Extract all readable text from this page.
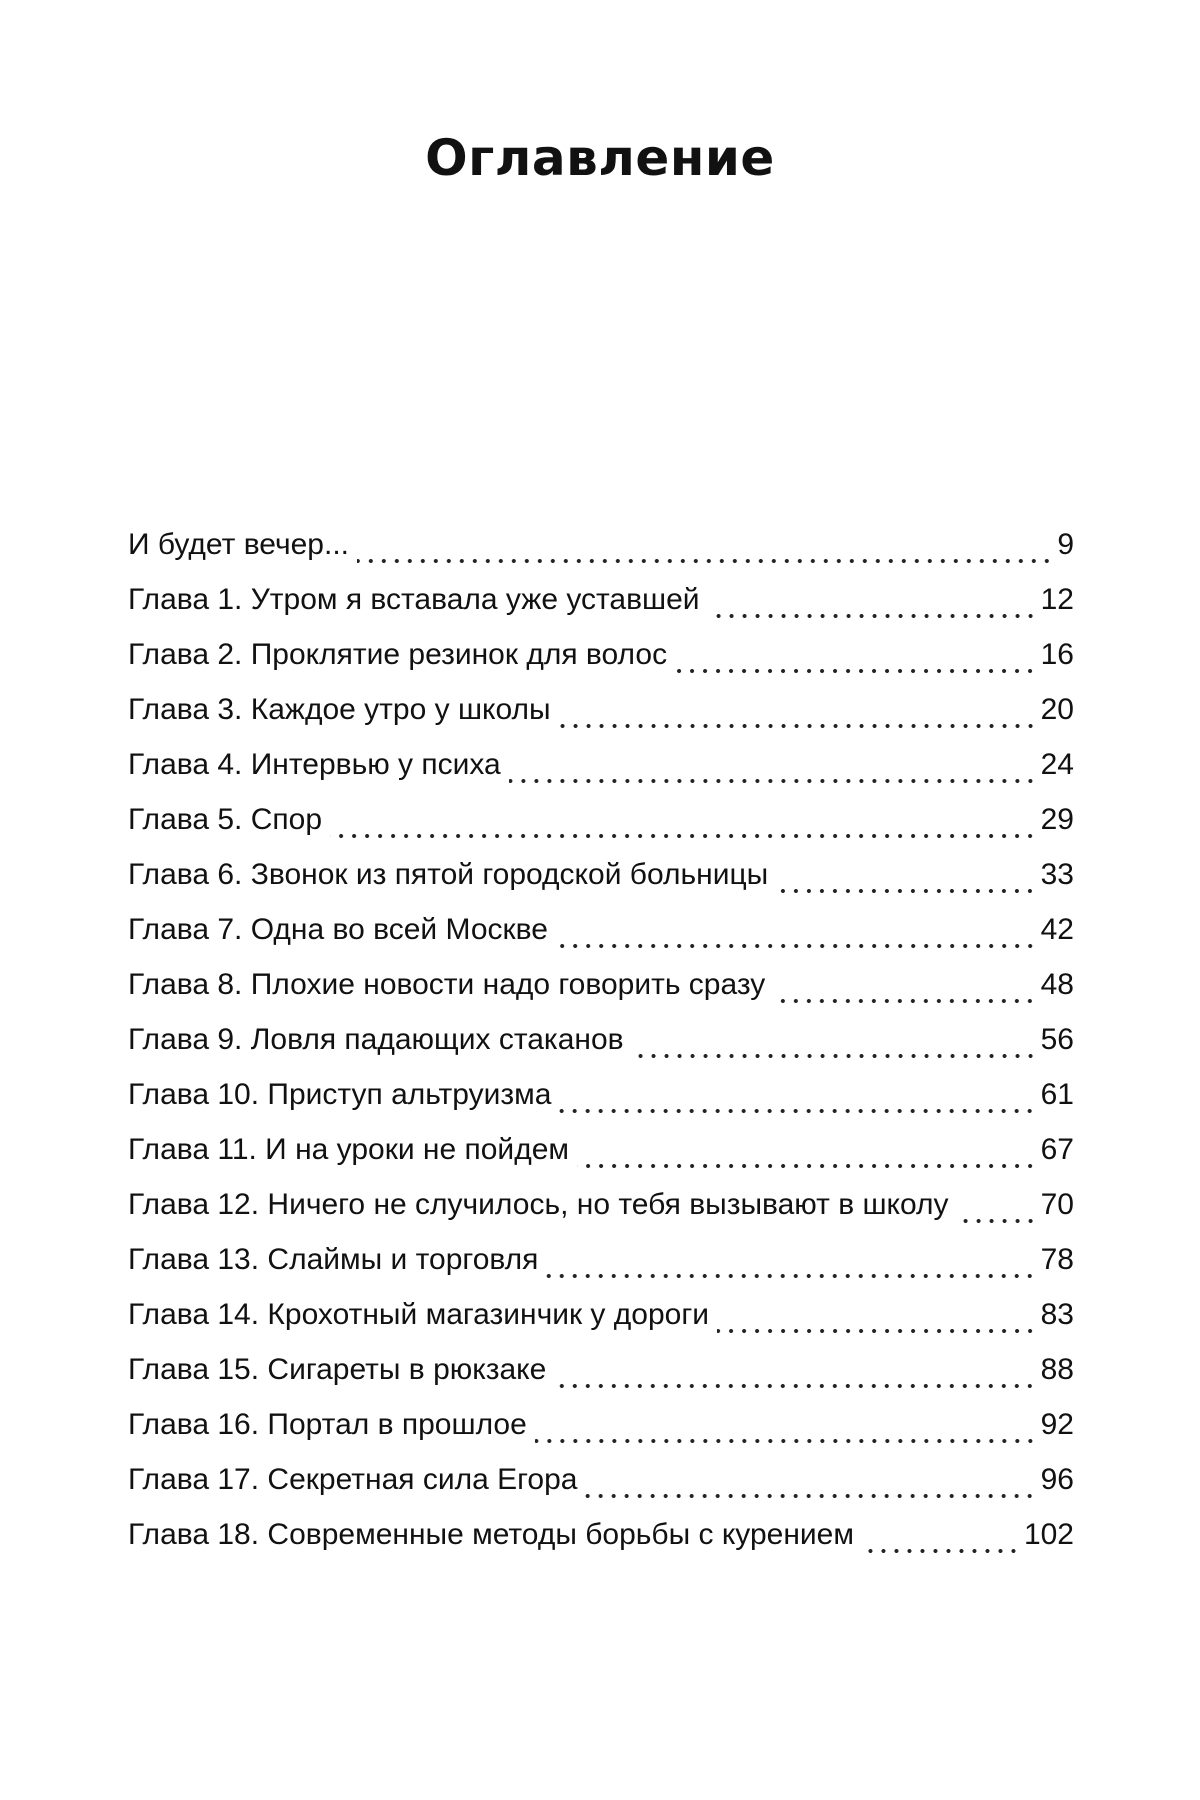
Оглавление
И будет вечер...	9
Глава 1. Утром я вставала уже уставшей	12
Глава 2. Проклятие резинок для волос	16
Глава 3. Каждое утро у школы	20
Глава 4. Интервью у психа	24
Глава 5. Спор	29
Глава 6. Звонок из пятой городской больницы	33
Глава 7. Одна во всей Москве	42
Глава 8. Плохие новости надо говорить сразу	48
Глава 9. Ловля падающих стаканов	56
Глава 10. Приступ альтруизма	61
Глава 11. И на уроки не пойдем	67
Глава 12. Ничего не случилось, но тебя вызывают в школу	70
Глава 13. Слаймы и торговля	78
Глава 14. Крохотный магазинчик у дороги	83
Глава 15. Сигареты в рюкзаке	88
Глава 16. Портал в прошлое	92
Глава 17. Секретная сила Егора	96
Глава 18. Современные методы борьбы с курением	102
